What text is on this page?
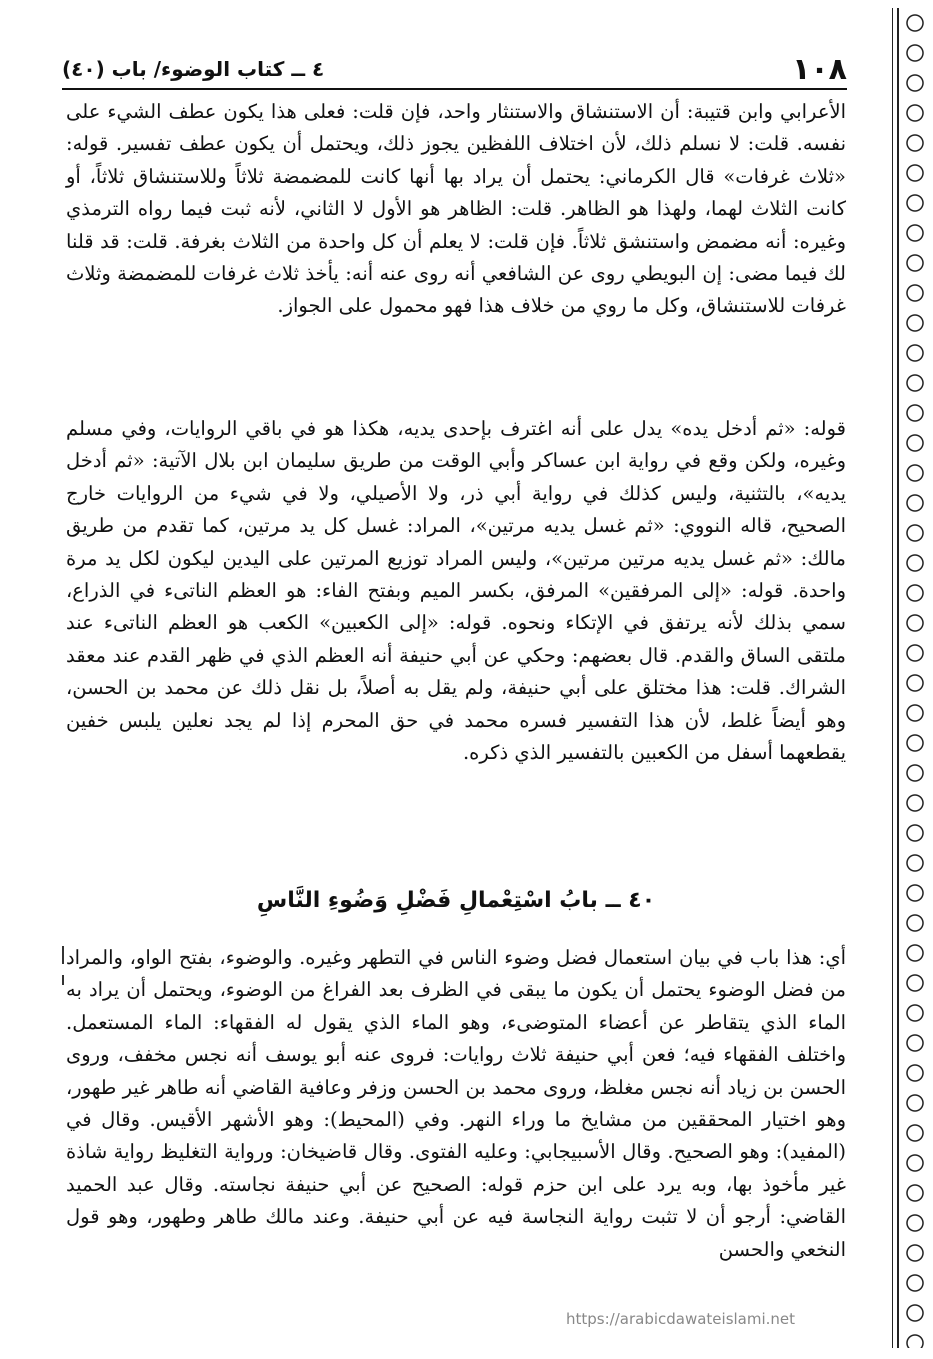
١٠٨
٤ ــ كتاب الوضوء/ باب (٤٠)

الأعرابي وابن قتيبة: أن الاستنشاق والاستنثار واحد، فإن قلت: فعلى هذا يكون عطف الشيء على نفسه. قلت: لا نسلم ذلك، لأن اختلاف اللفظين يجوز ذلك، ويحتمل أن يكون عطف تفسير. قوله: «ثلاث غرفات» قال الكرماني: يحتمل أن يراد بها أنها كانت للمضمضة ثلاثاً وللاستنشاق ثلاثاً، أو كانت الثلاث لهما، ولهذا هو الظاهر. قلت: الظاهر هو الأول لا الثاني، لأنه ثبت فيما رواه الترمذي وغيره: أنه مضمض واستنشق ثلاثاً. فإن قلت: لا يعلم أن كل واحدة من الثلاث بغرفة. قلت: قد قلنا لك فيما مضى: إن البويطي روى عن الشافعي أنه روى عنه أنه: يأخذ ثلاث غرفات للمضمضة وثلاث غرفات للاستنشاق، وكل ما روي من خلاف هذا فهو محمول على الجواز.

قوله: «ثم أدخل يده» يدل على أنه اغترف بإحدى يديه، هكذا هو في باقي الروايات، وفي مسلم وغيره، ولكن وقع في رواية ابن عساكر وأبي الوقت من طريق سليمان ابن بلال الآتية: «ثم أدخل يديه»، بالتثنية، وليس كذلك في رواية أبي ذر، ولا الأصيلي، ولا في شيء من الروايات خارج الصحيح، قاله النووي: «ثم غسل يديه مرتين»، المراد: غسل كل يد مرتين، كما تقدم من طريق مالك: «ثم غسل يديه مرتين مرتين»، وليس المراد توزيع المرتين على اليدين ليكون لكل يد مرة واحدة. قوله: «إلى المرفقين» المرفق، بكسر الميم وبفتح الفاء: هو العظم الناتىء في الذراع، سمي بذلك لأنه يرتفق في الإتكاء ونحوه. قوله: «إلى الكعبين» الكعب هو العظم الناتىء عند ملتقى الساق والقدم. قال بعضهم: وحكي عن أبي حنيفة أنه العظم الذي في ظهر القدم عند معقد الشراك. قلت: هذا مختلق على أبي حنيفة، ولم يقل به أصلاً، بل نقل ذلك عن محمد بن الحسن، وهو أيضاً غلط، لأن هذا التفسير فسره محمد في حق المحرم إذا لم يجد نعلين يلبس خفين يقطعهما أسفل من الكعبين بالتفسير الذي ذكره.

٤٠ ــ بابُ اسْتِعْمالِ فَضْلِ وَضُوءِ النَّاسِ

أي: هذا باب في بيان استعمال فضل وضوء الناس في التطهر وغيره. والوضوء، بفتح الواو، والمراد من فضل الوضوء يحتمل أن يكون ما يبقى في الظرف بعد الفراغ من الوضوء، ويحتمل أن يراد به الماء الذي يتقاطر عن أعضاء المتوضىء، وهو الماء الذي يقول له الفقهاء: الماء المستعمل. واختلف الفقهاء فيه؛ فعن أبي حنيفة ثلاث روايات: فروى عنه أبو يوسف أنه نجس مخفف، وروى الحسن بن زياد أنه نجس مغلظ، وروى محمد بن الحسن وزفر وعافية القاضي أنه طاهر غير طهور، وهو اختيار المحققين من مشايخ ما وراء النهر. وفي (المحيط): وهو الأشهر الأقيس. وقال في (المفيد): وهو الصحيح. وقال الأسبيجابي: وعليه الفتوى. وقال قاضيخان: ورواية التغليظ رواية شاذة غير مأخوذ بها، وبه يرد على ابن حزم قوله: الصحيح عن أبي حنيفة نجاسته. وقال عبد الحميد القاضي: أرجو أن لا تثبت رواية النجاسة فيه عن أبي حنيفة. وعند مالك طاهر وطهور، وهو قول النخعي والحسن

https://arabicdawateislami.net
